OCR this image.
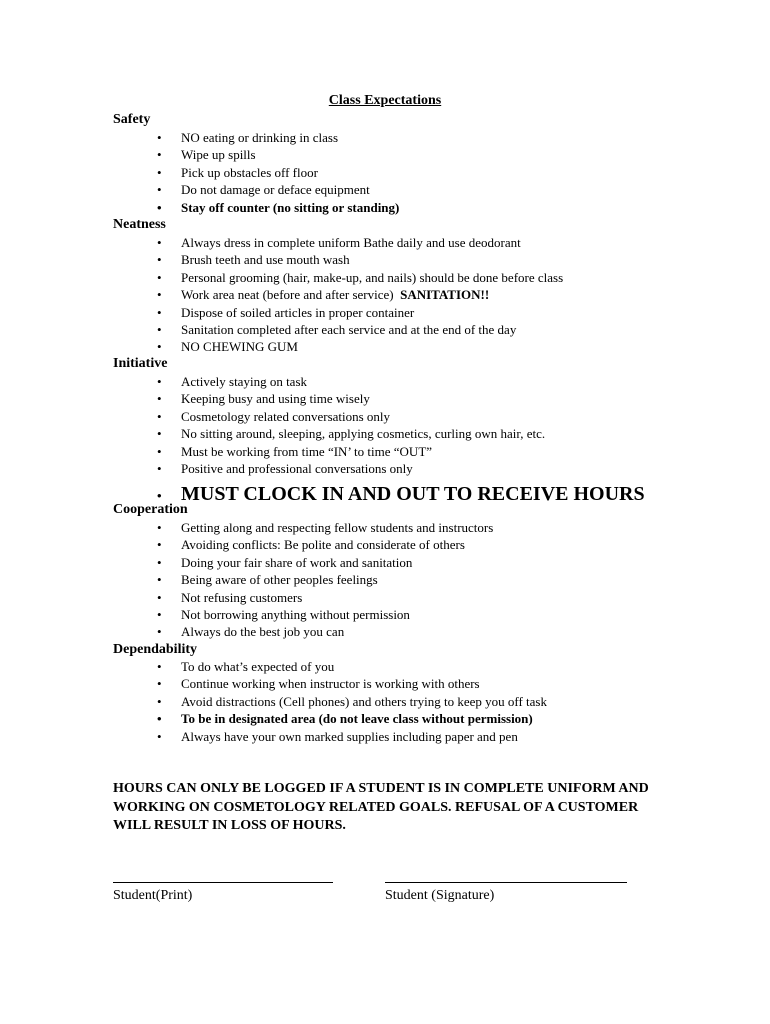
Class Expectations
Safety
• NO eating or drinking in class
• Wipe up spills
• Pick up obstacles off floor
• Do not damage or deface equipment
• Stay off counter (no sitting or standing)
Neatness
• Always dress in complete uniform Bathe daily and use deodorant
• Brush teeth and use mouth wash
• Personal grooming (hair, make-up, and nails) should be done before class
• Work area neat (before and after service) SANITATION!!
• Dispose of soiled articles in proper container
• Sanitation completed after each service and at the end of the day
• NO CHEWING GUM
Initiative
• Actively staying on task
• Keeping busy and using time wisely
• Cosmetology related conversations only
• No sitting around, sleeping, applying cosmetics, curling own hair, etc.
• Must be working from time “IN’ to time “OUT”
• Positive and professional conversations only
• MUST CLOCK IN AND OUT TO RECEIVE HOURS
Cooperation
• Getting along and respecting fellow students and instructors
• Avoiding conflicts: Be polite and considerate of others
• Doing your fair share of work and sanitation
• Being aware of other peoples feelings
• Not refusing customers
• Not borrowing anything without permission
• Always do the best job you can
Dependability
• To do what’s expected of you
• Continue working when instructor is working with others
• Avoid distractions (Cell phones) and others trying to keep you off task
• To be in designated area (do not leave class without permission)
• Always have your own marked supplies including paper and pen

HOURS CAN ONLY BE LOGGED IF A STUDENT IS IN COMPLETE UNIFORM AND WORKING ON COSMETOLOGY RELATED GOALS. REFUSAL OF A CUSTOMER WILL RESULT IN LOSS OF HOURS.

Student(Print)	Student (Signature)
